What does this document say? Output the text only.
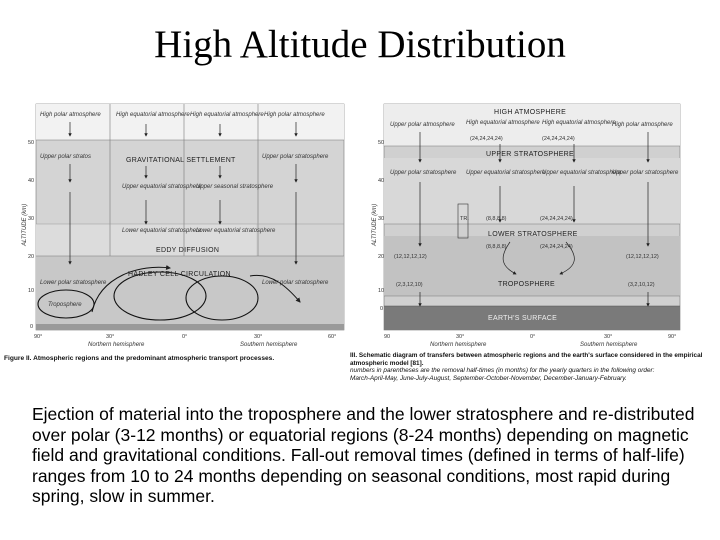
High Altitude Distribution
ALTITUDE (km)
50
40
30
20
10
0
High polar atmosphere	High equatorial atmosphere High equatorial atmosphere High polar atmosphere
Upper polar stratos	Upper polar stratosphere
GRAVITATIONAL SETTLEMENT
Upper equatorial stratosphere
Upper seasonal stratosphere
Lower equatorial stratosphere
Lower equatorial stratosphere
EDDY DIFFUSION
Lower polar stratosphere	Lower polar stratosphere
HADLEY CELL CIRCULATION
Troposphere
90°	30°	0°	30°	60°
Northern hemisphere	Southern hemisphere
Figure II. Atmospheric regions and the predominant atmospheric transport processes.
ALTITUDE (km)
50
40
30
20
10
0
HIGH ATMOSPHERE
Upper polar atmosphere High equatorial atmosphere High equatorial atmosphere
High polar atmosphere
(24,24,24,24)	(24,24,24,24)
UPPER STRATOSPHERE
Upper polar stratosphere Upper equatorial stratosphere
Upper equatorial stratosphere
Upper polar stratosphere
TR.	(8,8,8,8)	(24,24,24,24)
LOWER STRATOSPHERE
(8,8,8,8)	(24,24,24,24)
(12,12,12,12)	(12,12,12,12)
TROPOSPHERE
(2,3,12,10)	(3,2,10,12)
EARTH'S SURFACE
90	30°	0°	30°	90°
Northern hemisphere	Southern hemisphere
III. Schematic diagram of transfers between atmospheric regions and the earth's surface considered in the empirical atmospheric model [81].
numbers in parentheses are the removal half-times (in months) for the yearly quarters in the following order:
March-April-May, June-July-August, September-October-November, December-January-February.
Ejection of material into the troposphere and the lower stratosphere and re-distributed over polar (3-12 months) or equatorial regions (8-24 months) depending on magnetic field and gravitational conditions. Fall-out removal times (defined in terms of half-life) ranges from 10 to 24 months depending on seasonal conditions, most rapid during spring, slow in summer.
